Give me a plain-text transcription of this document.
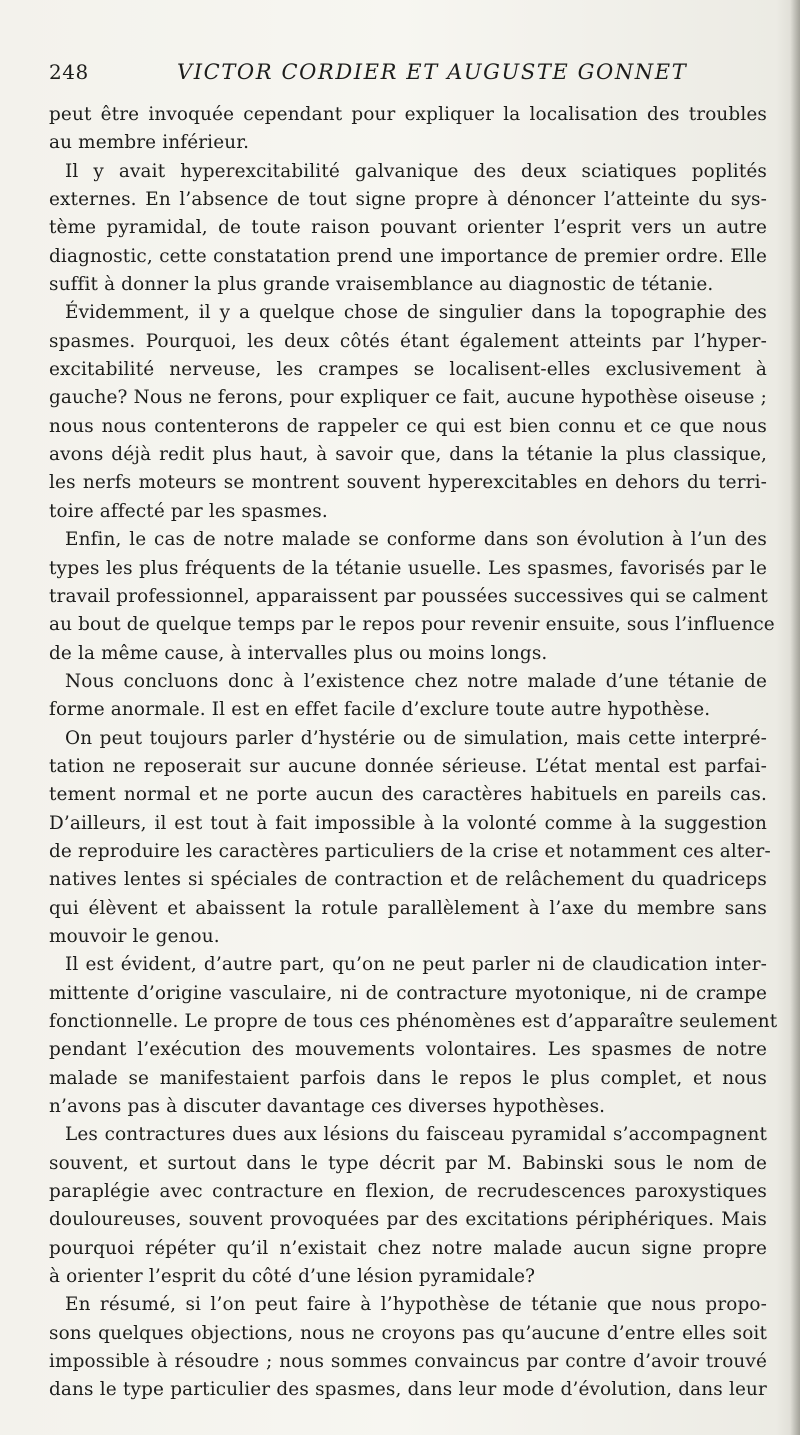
248	VICTOR CORDIER ET AUGUSTE GONNET
peut être invoquée cependant pour expliquer la localisation des troubles
au membre inférieur.
Il y avait hyperexcitabilité galvanique des deux sciatiques poplités
externes. En l’absence de tout signe propre à dénoncer l’atteinte du sys-
tème pyramidal, de toute raison pouvant orienter l’esprit vers un autre
diagnostic, cette constatation prend une importance de premier ordre. Elle
suffit à donner la plus grande vraisemblance au diagnostic de tétanie.
Évidemment, il y a quelque chose de singulier dans la topographie des
spasmes. Pourquoi, les deux côtés étant également atteints par l’hyper-
excitabilité nerveuse, les crampes se localisent-elles exclusivement à
gauche? Nous ne ferons, pour expliquer ce fait, aucune hypothèse oiseuse ;
nous nous contenterons de rappeler ce qui est bien connu et ce que nous
avons déjà redit plus haut, à savoir que, dans la tétanie la plus classique,
les nerfs moteurs se montrent souvent hyperexcitables en dehors du terri-
toire affecté par les spasmes.
Enfin, le cas de notre malade se conforme dans son évolution à l’un des
types les plus fréquents de la tétanie usuelle. Les spasmes, favorisés par le
travail professionnel, apparaissent par poussées successives qui se calment
au bout de quelque temps par le repos pour revenir ensuite, sous l’influence
de la même cause, à intervalles plus ou moins longs.
Nous concluons donc à l’existence chez notre malade d’une tétanie de
forme anormale. Il est en effet facile d’exclure toute autre hypothèse.
On peut toujours parler d’hystérie ou de simulation, mais cette interpré-
tation ne reposerait sur aucune donnée sérieuse. L’état mental est parfai-
tement normal et ne porte aucun des caractères habituels en pareils cas.
D’ailleurs, il est tout à fait impossible à la volonté comme à la suggestion
de reproduire les caractères particuliers de la crise et notamment ces alter-
natives lentes si spéciales de contraction et de relâchement du quadriceps
qui élèvent et abaissent la rotule parallèlement à l’axe du membre sans
mouvoir le genou.
Il est évident, d’autre part, qu’on ne peut parler ni de claudication inter-
mittente d’origine vasculaire, ni de contracture myotonique, ni de crampe
fonctionnelle. Le propre de tous ces phénomènes est d’apparaître seulement
pendant l’exécution des mouvements volontaires. Les spasmes de notre
malade se manifestaient parfois dans le repos le plus complet, et nous
n’avons pas à discuter davantage ces diverses hypothèses.
Les contractures dues aux lésions du faisceau pyramidal s’accompagnent
souvent, et surtout dans le type décrit par M. Babinski sous le nom de
paraplégie avec contracture en flexion, de recrudescences paroxystiques
douloureuses, souvent provoquées par des excitations périphériques. Mais
pourquoi répéter qu’il n’existait chez notre malade aucun signe propre
à orienter l’esprit du côté d’une lésion pyramidale?
En résumé, si l’on peut faire à l’hypothèse de tétanie que nous propo-
sons quelques objections, nous ne croyons pas qu’aucune d’entre elles soit
impossible à résoudre ; nous sommes convaincus par contre d’avoir trouvé
dans le type particulier des spasmes, dans leur mode d’évolution, dans leur
